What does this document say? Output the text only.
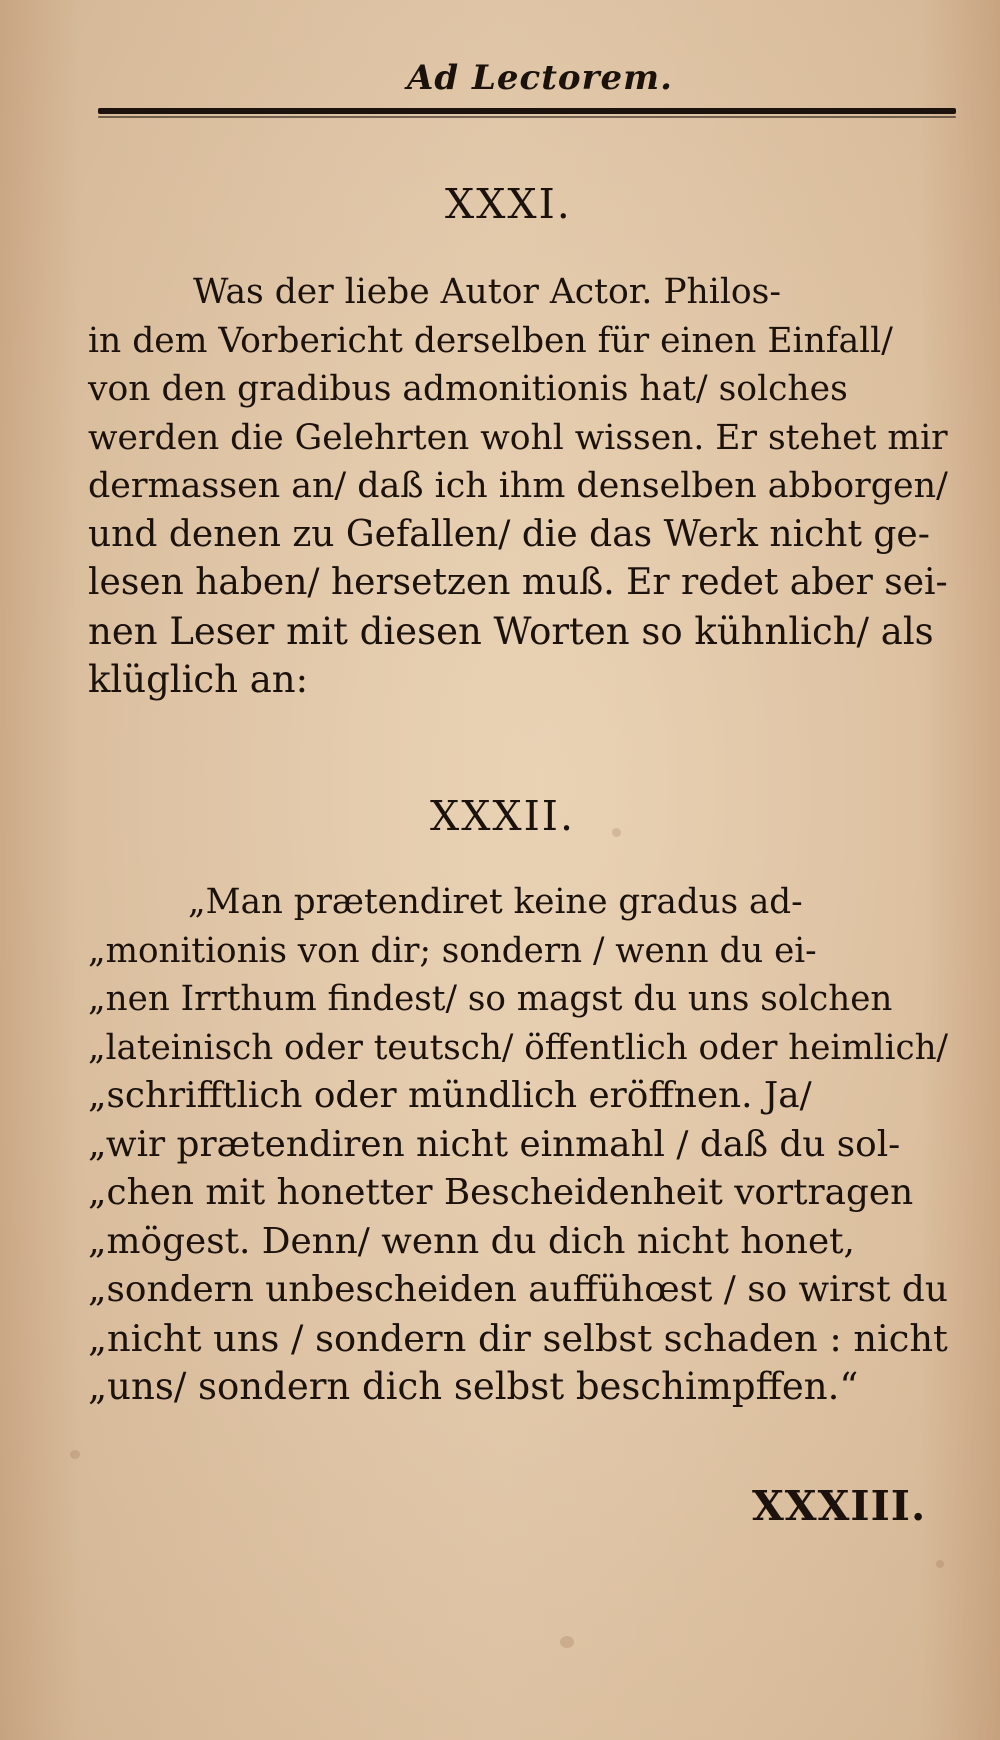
Ad Lectorem.
XXXI.
Was der liebe Autor Actor. Philos-
in dem Vorbericht derselben für einen Einfall/
von den gradibus admonitionis hat/ solches
werden die Gelehrten wohl wissen. Er stehet mir
dermassen an/ daß ich ihm denselben abborgen/
und denen zu Gefallen/ die das Werk nicht ge-
lesen haben/ hersetzen muß. Er redet aber sei-
nen Leser mit diesen Worten so kühnlich/ als
klüglich an:
XXXII.
„Man prætendiret keine gradus ad-
„monitionis von dir; sondern / wenn du ei-
„nen Irrthum findest/ so magst du uns solchen
„lateinisch oder teutsch/ öffentlich oder heimlich/
„schrifftlich oder mündlich eröffnen. Ja/
„wir prætendiren nicht einmahl / daß du sol-
„chen mit honetter Bescheidenheit vortragen
„mögest. Denn/ wenn du dich nicht honet,
„sondern unbescheiden auffühœst / so wirst du
„nicht uns / sondern dir selbst schaden : nicht
„uns/ sondern dich selbst beschimpffen.“
XXXIII.
